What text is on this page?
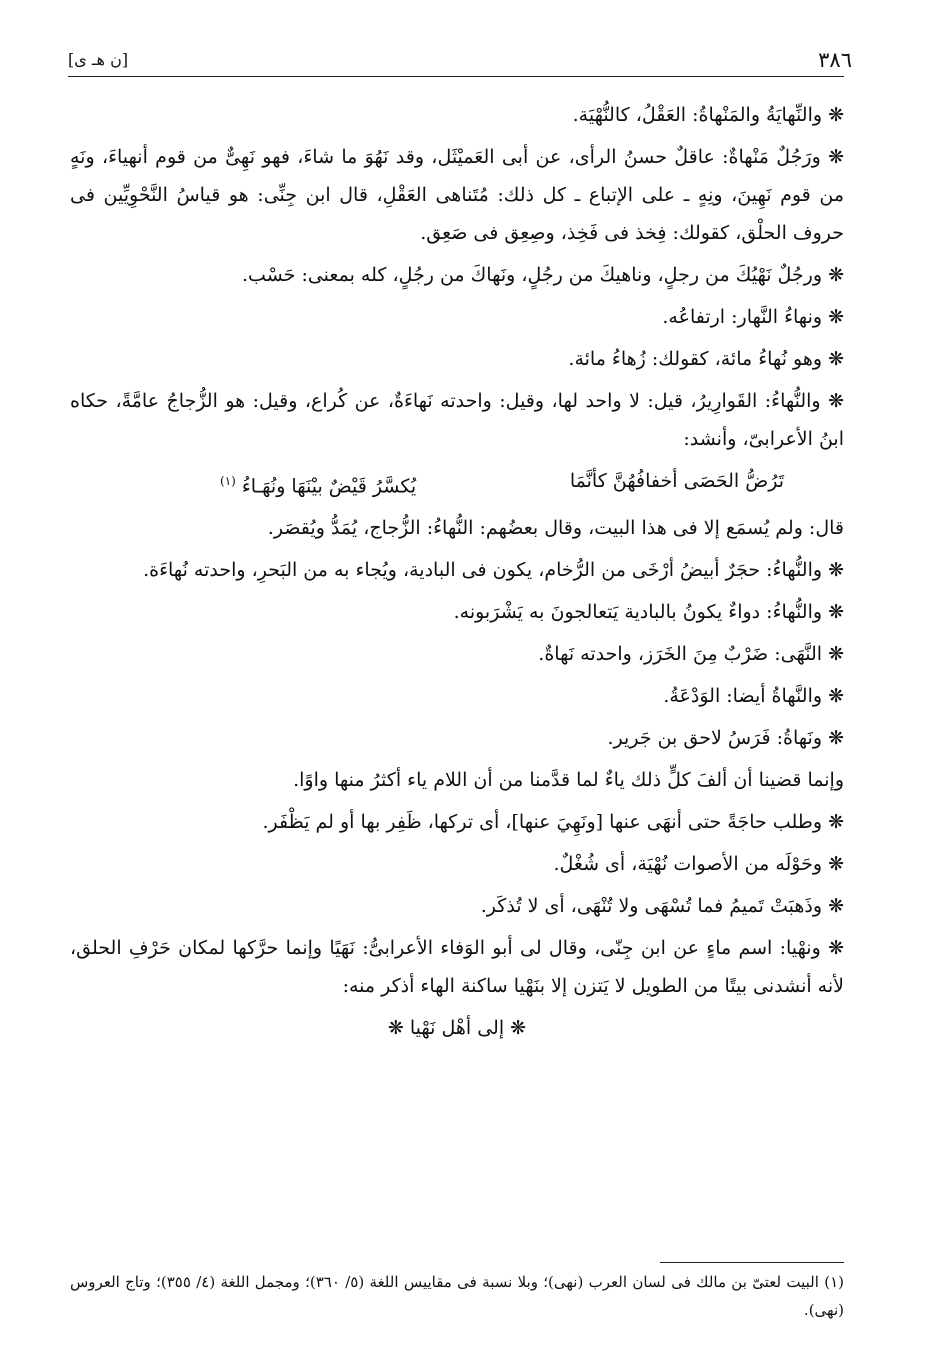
٣٨٦
[ن هـ ى]

❋ والنِّهايَةُ والمَنْهاةُ: العَقْلُ، كالنُّهْيَة.

❋ ورَجُلٌ مَنْهاةٌ: عاقلٌ حسنُ الرأى، عن أبى العَميْثَل، وقد نَهُوَ ما شاءَ، فهو نَهِىٌّ من قوم أنهياءَ، ونَهٍ من قوم نَهِينَ، ونِهٍ ـ على الإتباع ـ كل ذلك: مُتَناهى العَقْلِ، قال ابن جِنِّى: هو قياسُ النَّحْوِيِّين فى حروف الحلْق، كقولك: فِخذ فى فَخِذ، وصِعِق فى صَعِق.

❋ ورجُلٌ نَهْيُكَ من رجلٍ، وناهيكَ من رجُلٍ، ونَهاكَ من رجُلٍ، كله بمعنى: حَسْب.

❋ ونهاءُ النَّهار: ارتفاعُه.

❋ وهو نُهاءُ مائة، كقولك: زُهاءُ مائة.

❋ والنُّهاءُ: القَوارِيرُ، قيل: لا واحد لها، وقيل: واحدته نَهاءَةٌ، عن كُراع، وقيل: هو الزُّجاجُ عامَّةً، حكاه ابنُ الأعرابىّ، وأنشد:

تَرُضُّ الحَصَى أخفافُهُنَّ كأنَّمَا
يُكسَّرُ قَيْضٌ بيْنَهَا ونُهَـاءُ $^{(١)}$

قال: ولم يُسمَع إلا فى هذا البيت، وقال بعضُهم: النُّهاءُ: الزُّجاج، يُمَدُّ ويُقصَر.

❋ والنُّهاءُ: حجَرٌ أبيضُ أرْخَى من الرُّخام، يكون فى البادية، ويُجاء به من البَحرِ، واحدته نُهاءَة.

❋ والنُّهاءُ: دواءٌ يكونُ بالبادية يَتعالجونَ به يَشْرَبونه.

❋ النَّهَى: ضَرْبٌ مِنَ الخَرَز، واحدته نَهاةٌ.

❋ والنَّهاةُ أيضا: الوَدْعَةُ.

❋ ونَهاةُ: فَرَسُ لاحق بن جَرير.

وإنما قضينا أن ألفَ كلٍّ ذلك ياءٌ لما قدَّمنا من أن اللام ياء أكثرُ منها واوًا.

❋ وطلب حاجَةً حتى أنهَى عنها [ونَهِيَ عنها]، أى تركها، ظَفِر بها أو لم يَظْفَر.

❋ وحَوْلَه من الأصوات نُهْيَة، أى شُغْلٌ.

❋ وذَهبَتْ تَميمُ فما تُسْهَى ولا تُنْهَى، أى لا تُذكَر.

❋ ونهْيا: اسم ماءٍ عن ابن جِنّى، وقال لى أبو الوَفاء الأعرابىُّ: نَهَيًا وإنما حرَّكها لمكان حَرْفِ الحلق، لأنه أنشدنى بيتًا من الطويل لا يَتزن إلا بنَهْيا ساكنة الهاء أذكر منه:

❋ إلى أهْل نَهْيا ❋

(١) البيت لعتىّ بن مالك فى لسان العرب (نهى)؛ وبلا نسبة فى مقاييس اللغة (٥/ ٣٦٠)؛ ومجمل اللغة (٤/ ٣٥٥)؛ وتاج العروس (نهى).
